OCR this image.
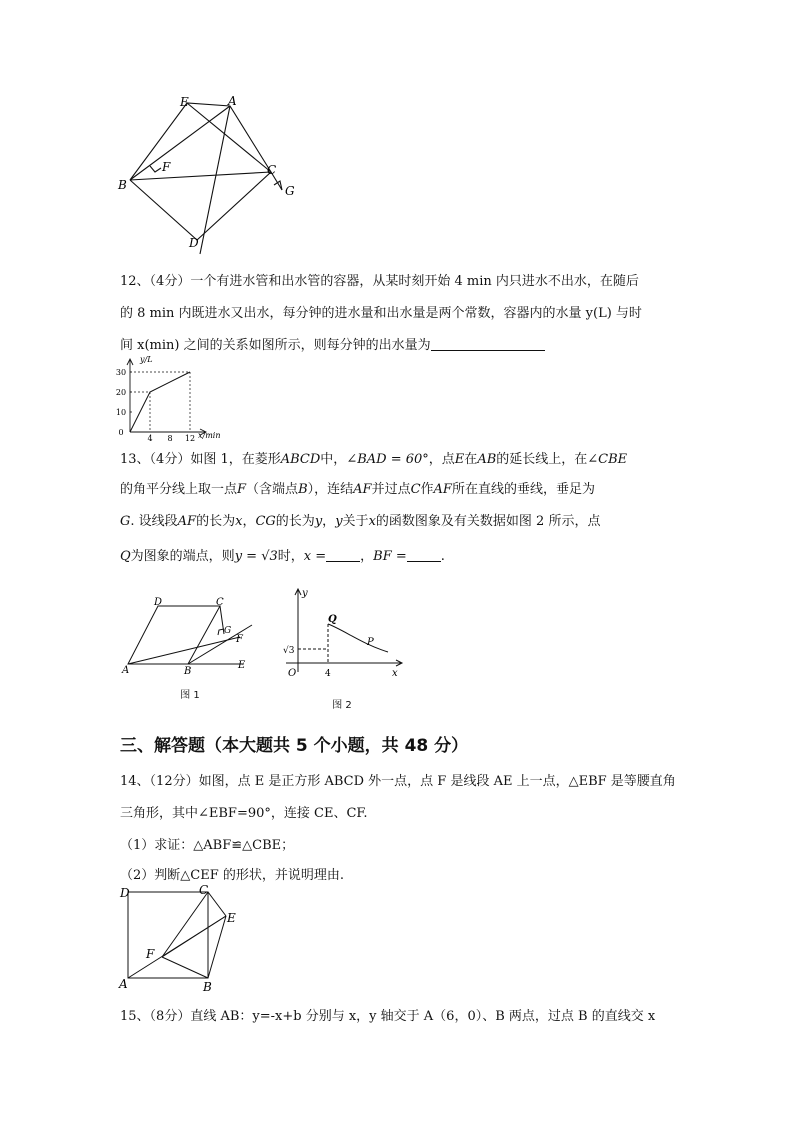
E	A
F	C
G
B
D
12、（4分）一个有进水管和出水管的容器，从某时刻开始 4 min 内只进水不出水，在随后
的 8 min 内既进水又出水，每分钟的进水量和出水量是两个常数，容器内的水量 y(L) 与时
间 x(min) 之间的关系如图所示，则每分钟的出水量为
0
10
20
30
4 8 12
y/L
x/min
13、（4分）如图 1，在菱形ABCD中，∠BAD = 60°，点E在AB的延长线上，在∠CBE
的角平分线上取一点F（含端点B），连结AF并过点C作AF所在直线的垂线，垂足为
G. 设线段AF的长为x，CG的长为y，y关于x的函数图象及有关数据如图 2 所示，点
Q为图象的端点，则y = √3时，x =	，BF =	.
D	C
G
F
A	B
E
图 1
y
Q
P
√3
O	4	x
图 2
三、解答题（本大题共 5 个小题，共 48 分）
14、（12分）如图，点 E 是正方形 ABCD 外一点，点 F 是线段 AE 上一点，△EBF 是等腰直角
三角形，其中∠EBF=90°，连接 CE、CF.
（1）求证：△ABF≌△CBE；
（2）判断△CEF 的形状，并说明理由.
D	C
E
F
A	B
15、（8分）直线 AB：y=-x+b 分别与 x，y 轴交于 A（6，0）、B 两点，过点 B 的直线交 x
